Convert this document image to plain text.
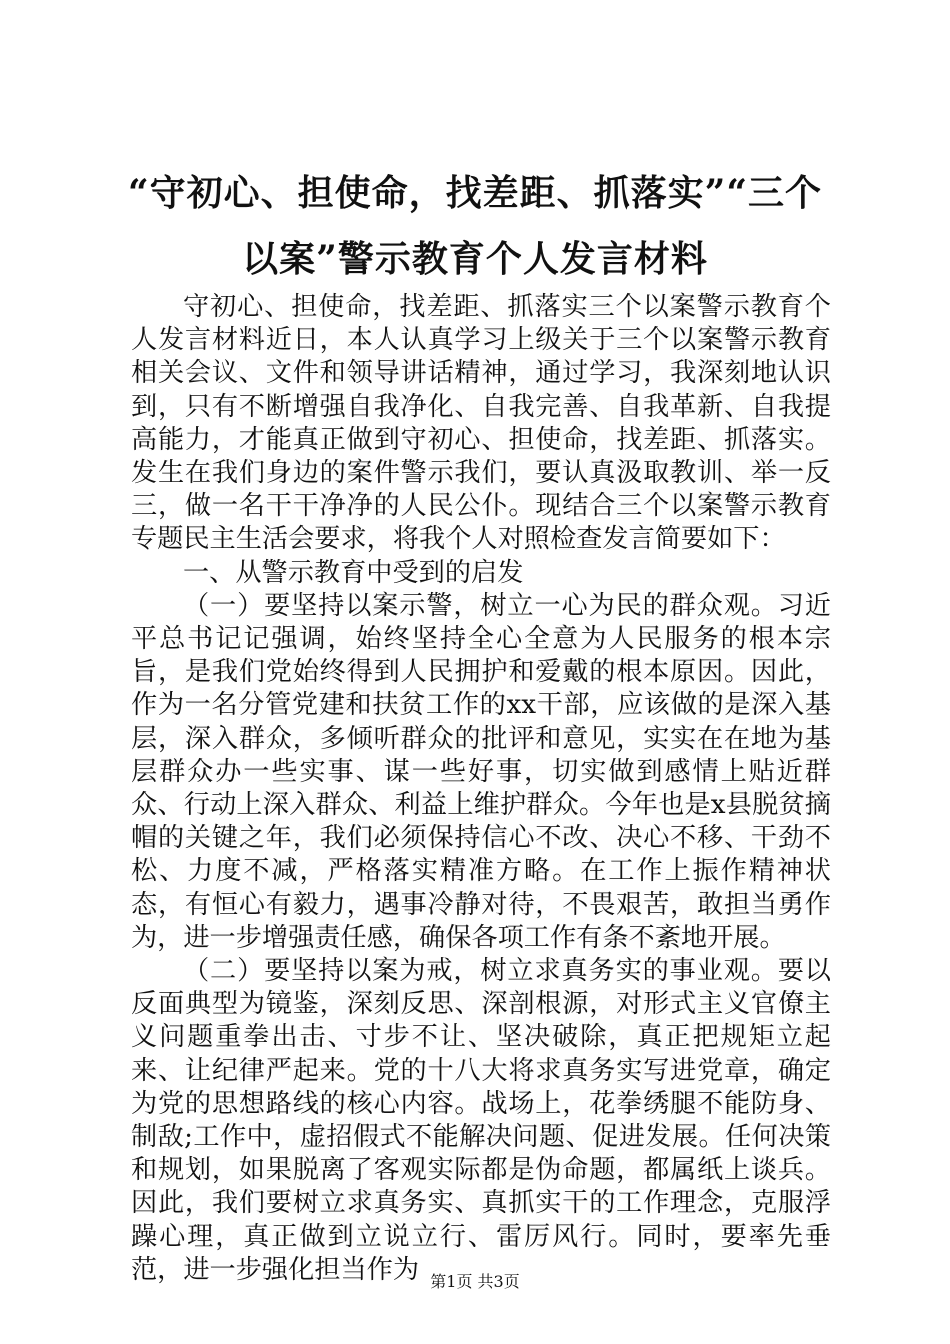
“守初心、担使命，找差距、抓落实”“三个
以案”警示教育个人发言材料

守初心、担使命，找差距、抓落实三个以案警示教育个人发言材料近日，本人认真学习上级关于三个以案警示教育相关会议、文件和领导讲话精神，通过学习，我深刻地认识到，只有不断增强自我净化、自我完善、自我革新、自我提高能力，才能真正做到守初心、担使命，找差距、抓落实。发生在我们身边的案件警示我们，要认真汲取教训、举一反三，做一名干干净净的人民公仆。现结合三个以案警示教育专题民主生活会要求，将我个人对照检查发言简要如下：

一、从警示教育中受到的启发

（一）要坚持以案示警，树立一心为民的群众观。习近平总书记记强调，始终坚持全心全意为人民服务的根本宗旨，是我们党始终得到人民拥护和爱戴的根本原因。因此，作为一名分管党建和扶贫工作的xx干部，应该做的是深入基层，深入群众，多倾听群众的批评和意见，实实在在地为基层群众办一些实事、谋一些好事，切实做到感情上贴近群众、行动上深入群众、利益上维护群众。今年也是x县脱贫摘帽的关键之年，我们必须保持信心不改、决心不移、干劲不松、力度不减，严格落实精准方略。在工作上振作精神状态，有恒心有毅力，遇事冷静对待，不畏艰苦，敢担当勇作为，进一步增强责任感，确保各项工作有条不紊地开展。

（二）要坚持以案为戒，树立求真务实的事业观。要以反面典型为镜鉴，深刻反思、深剖根源，对形式主义官僚主义问题重拳出击、寸步不让、坚决破除，真正把规矩立起来、让纪律严起来。党的十八大将求真务实写进党章，确定为党的思想路线的核心内容。战场上，花拳绣腿不能防身、制敌;工作中，虚招假式不能解决问题、促进发展。任何决策和规划，如果脱离了客观实际都是伪命题，都属纸上谈兵。因此，我们要树立求真务实、真抓实干的工作理念，克服浮躁心理，真正做到立说立行、雷厉风行。同时，要率先垂范，进一步强化担当作为 第1页 共3页
